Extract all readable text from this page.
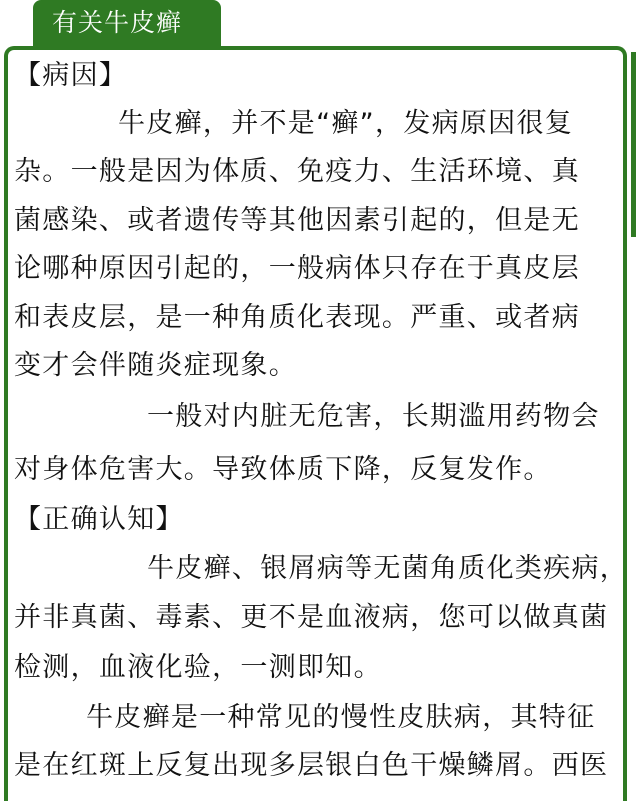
有关牛皮癣
【病因】
牛皮癣，并不是“癣”，发病原因很复
杂。一般是因为体质、免疫力、生活环境、真
菌感染、或者遗传等其他因素引起的，但是无
论哪种原因引起的，一般病体只存在于真皮层
和表皮层，是一种角质化表现。严重、或者病
变才会伴随炎症现象。
一般对内脏无危害，长期滥用药物会
对身体危害大。导致体质下降，反复发作。
【正确认知】
牛皮癣、银屑病等无菌角质化类疾病，
并非真菌、毒素、更不是血液病，您可以做真菌
检测，血液化验，一测即知。
牛皮癣是一种常见的慢性皮肤病，其特征
是在红斑上反复出现多层银白色干燥鳞屑。西医
